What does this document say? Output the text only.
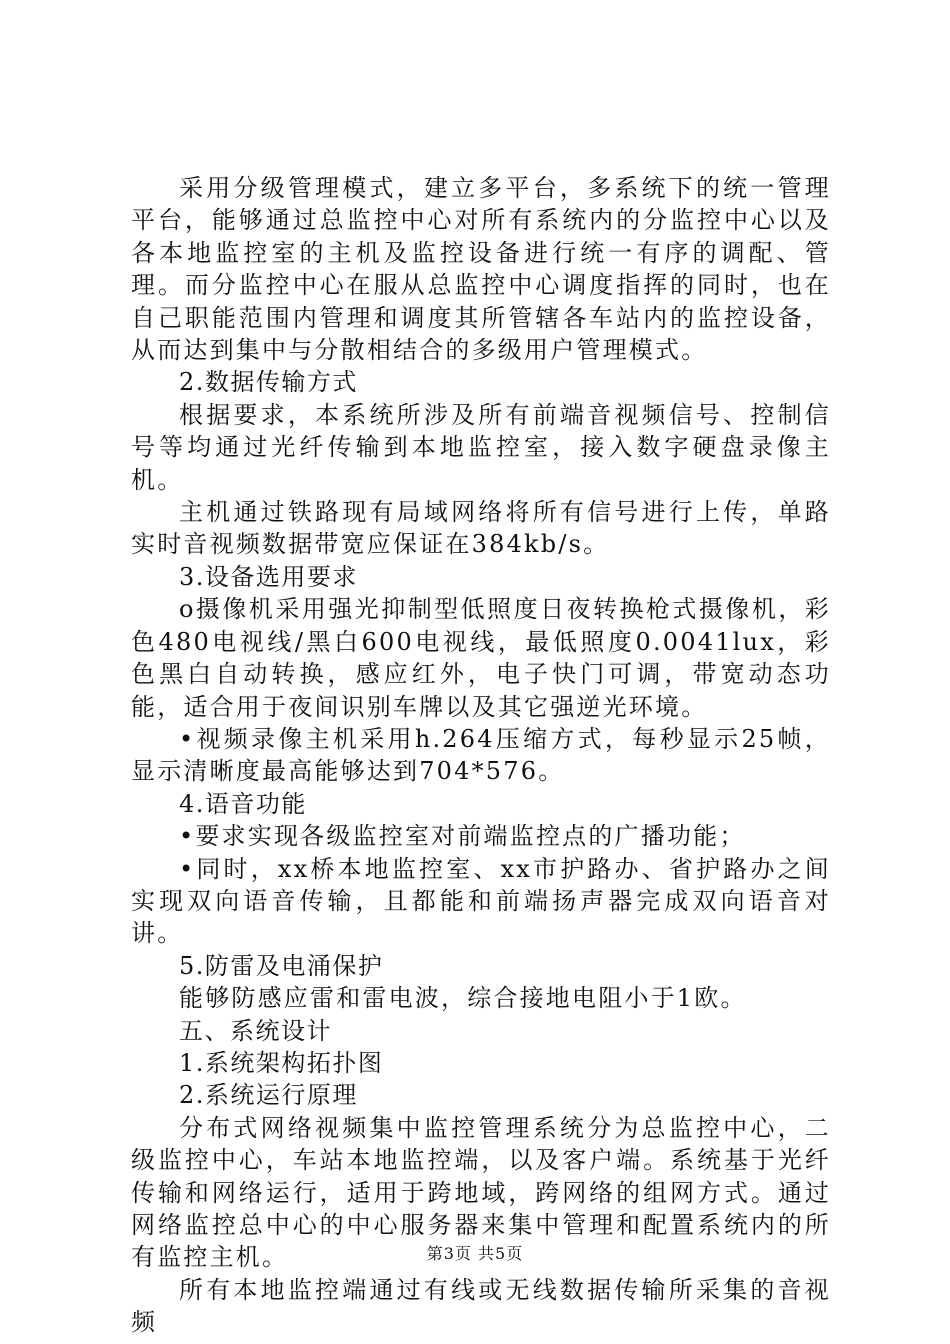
采用分级管理模式，建立多平台，多系统下的统一管理平台，能够通过总监控中心对所有系统内的分监控中心以及各本地监控室的主机及监控设备进行统一有序的调配、管理。而分监控中心在服从总监控中心调度指挥的同时，也在自己职能范围内管理和调度其所管辖各车站内的监控设备，从而达到集中与分散相结合的多级用户管理模式。

2.数据传输方式

根据要求，本系统所涉及所有前端音视频信号、控制信号等均通过光纤传输到本地监控室，接入数字硬盘录像主机。

主机通过铁路现有局域网络将所有信号进行上传，单路实时音视频数据带宽应保证在384kb/s。

3.设备选用要求

o摄像机采用强光抑制型低照度日夜转换枪式摄像机，彩色480电视线/黑白600电视线，最低照度0.0041lux，彩色黑白自动转换，感应红外，电子快门可调，带宽动态功能，适合用于夜间识别车牌以及其它强逆光环境。

•视频录像主机采用h.264压缩方式，每秒显示25帧，显示清晰度最高能够达到704*576。

4.语音功能

•要求实现各级监控室对前端监控点的广播功能；

•同时，xx桥本地监控室、xx市护路办、省护路办之间实现双向语音传输，且都能和前端扬声器完成双向语音对讲。

5.防雷及电涌保护

能够防感应雷和雷电波，综合接地电阻小于1欧。

五、系统设计

1.系统架构拓扑图

2.系统运行原理

分布式网络视频集中监控管理系统分为总监控中心，二级监控中心，车站本地监控端，以及客户端。系统基于光纤传输和网络运行，适用于跨地域，跨网络的组网方式。通过网络监控总中心的中心服务器来集中管理和配置系统内的所有监控主机。

所有本地监控端通过有线或无线数据传输所采集的音视频

第3页 共5页
